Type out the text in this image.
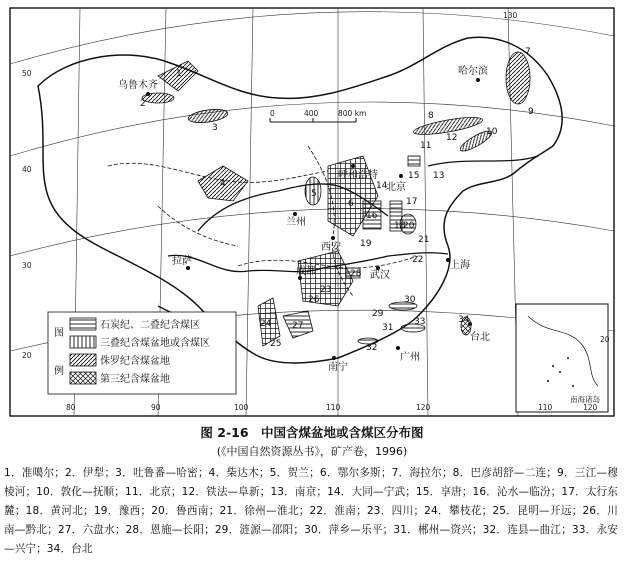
110	120
南海诸岛
0	400	800 km
50
40
30
20
20
80	90	100	110	120
130
乌鲁木齐
哈尔滨
呼和浩特
北京
兰州
西安
拉萨
成都	武汉
上海
南宁
广州
台北
1
2
3
4
5
6
7
8	9
10
11
12
13
14
15
16
17
18
19
20
21
22
23
24
25
26
27
28
29
30
31
32
33	34
图
例
石炭纪、二叠纪含煤区
三叠纪含煤盆地或含煤区
侏罗纪含煤盆地
第三纪含煤盆地

图 2-16　中国含煤盆地或含煤区分布图

(《中国自然资源丛书》，矿产卷，1996)

1．准噶尔；2．伊犁；3．吐鲁番—哈密；4．柴达木；5．贺兰；6．鄂尔多斯；7．海拉尔；8．巴彦胡舒—二连；9．三江—穆棱河；10．敦化—抚顺；11．北京；12．铁法—阜新；13．南京；14．大同—宁武；15．享唐；16．沁水—临汾；17．太行东麓；18．黄河北；19．豫西；20．鲁西南；21．徐州—淮北；22．淮南；23．四川；24．攀枝花；25．昆明—开远；26．川南—黔北；27．六盘水；28．恩施—长阳；29．涟源—邵阳；30．萍乡—乐平；31．郴州—资兴；32．连县—曲江；33．永安—兴宁；34．台北
